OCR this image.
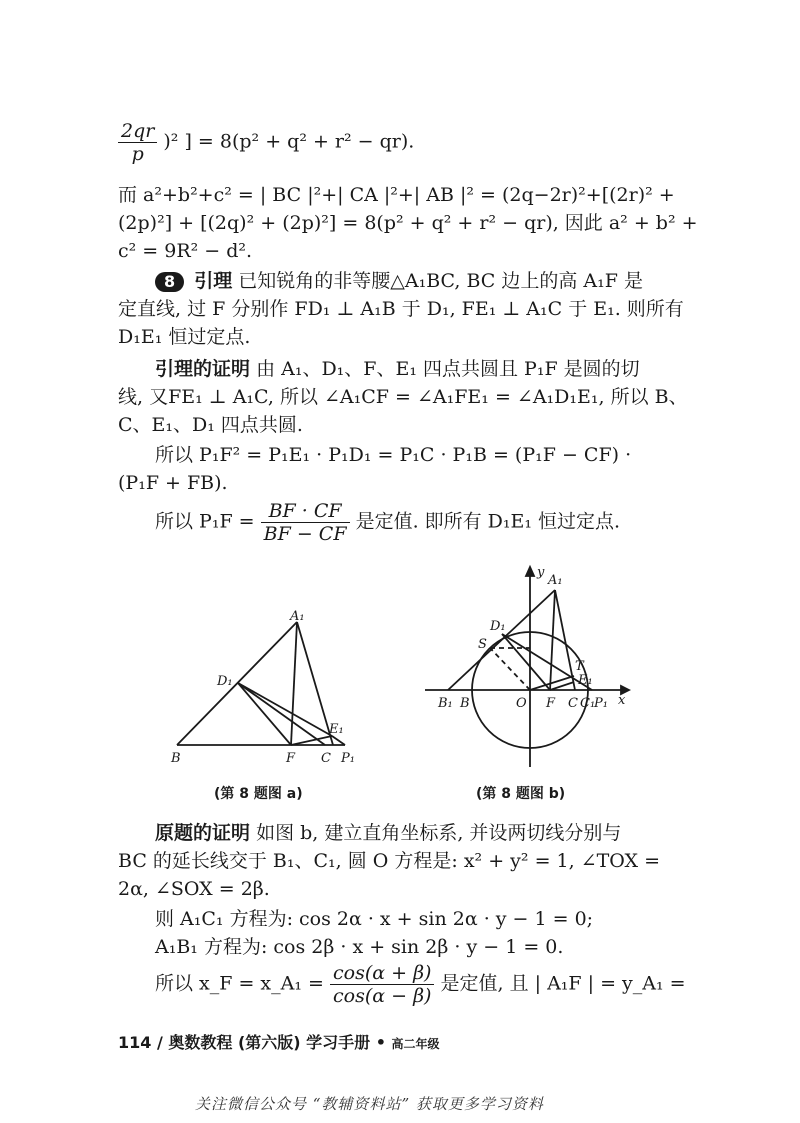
$\frac{2qr}{p} )^2$ ] = 8(p² + q² + r² − qr).
而 a²+b²+c² = | BC |²+| CA |²+| AB |² = (2q−2r)²+[(2r)² +
(2p)²] + [(2q)² + (2p)²] = 8(p² + q² + r² − qr), 因此 a² + b² +
c² = 9R² − d².
8 引理 已知锐角的非等腰△A₁BC, BC 边上的高 A₁F 是
定直线, 过 F 分别作 FD₁ ⊥ A₁B 于 D₁, FE₁ ⊥ A₁C 于 E₁. 则所有
D₁E₁ 恒过定点.
引理的证明 由 A₁、D₁、F、E₁ 四点共圆且 P₁F 是圆的切
线, 又FE₁ ⊥ A₁C, 所以 ∠A₁CF = ∠A₁FE₁ = ∠A₁D₁E₁, 所以 B、
C、E₁、D₁ 四点共圆.
所以 P₁F² = P₁E₁ · P₁D₁ = P₁C · P₁B = (P₁F − CF) ·
(P₁F + FB).
所以 $P_1F = \frac{BF \cdot CF}{BF - CF}$ 是定值. 即所有 D₁E₁ 恒过定点.
A₁
D₁
E₁
B	F C P₁
(第 8 题图 a)
y
A₁
D₁
S
T
E₁
B₁ B	O F C C₁
P₁ x
(第 8 题图 b)
原题的证明 如图 b, 建立直角坐标系, 并设两切线分别与
BC 的延长线交于 B₁、C₁, 圆 O 方程是: x² + y² = 1, ∠TOX =
2α, ∠SOX = 2β.
则 A₁C₁ 方程为: cos 2α · x + sin 2α · y − 1 = 0;
A₁B₁ 方程为: cos 2β · x + sin 2β · y − 1 = 0.
所以 x_F = x_A₁ = $\frac{\cos(\alpha + \beta)}{\cos(\alpha - \beta)}$ 是定值, 且 | A₁F | = y_A₁ =
114 / 奥数教程 (第六版) 学习手册 • 高二年级
关注微信公众号 “教辅资料站” 获取更多学习资料
